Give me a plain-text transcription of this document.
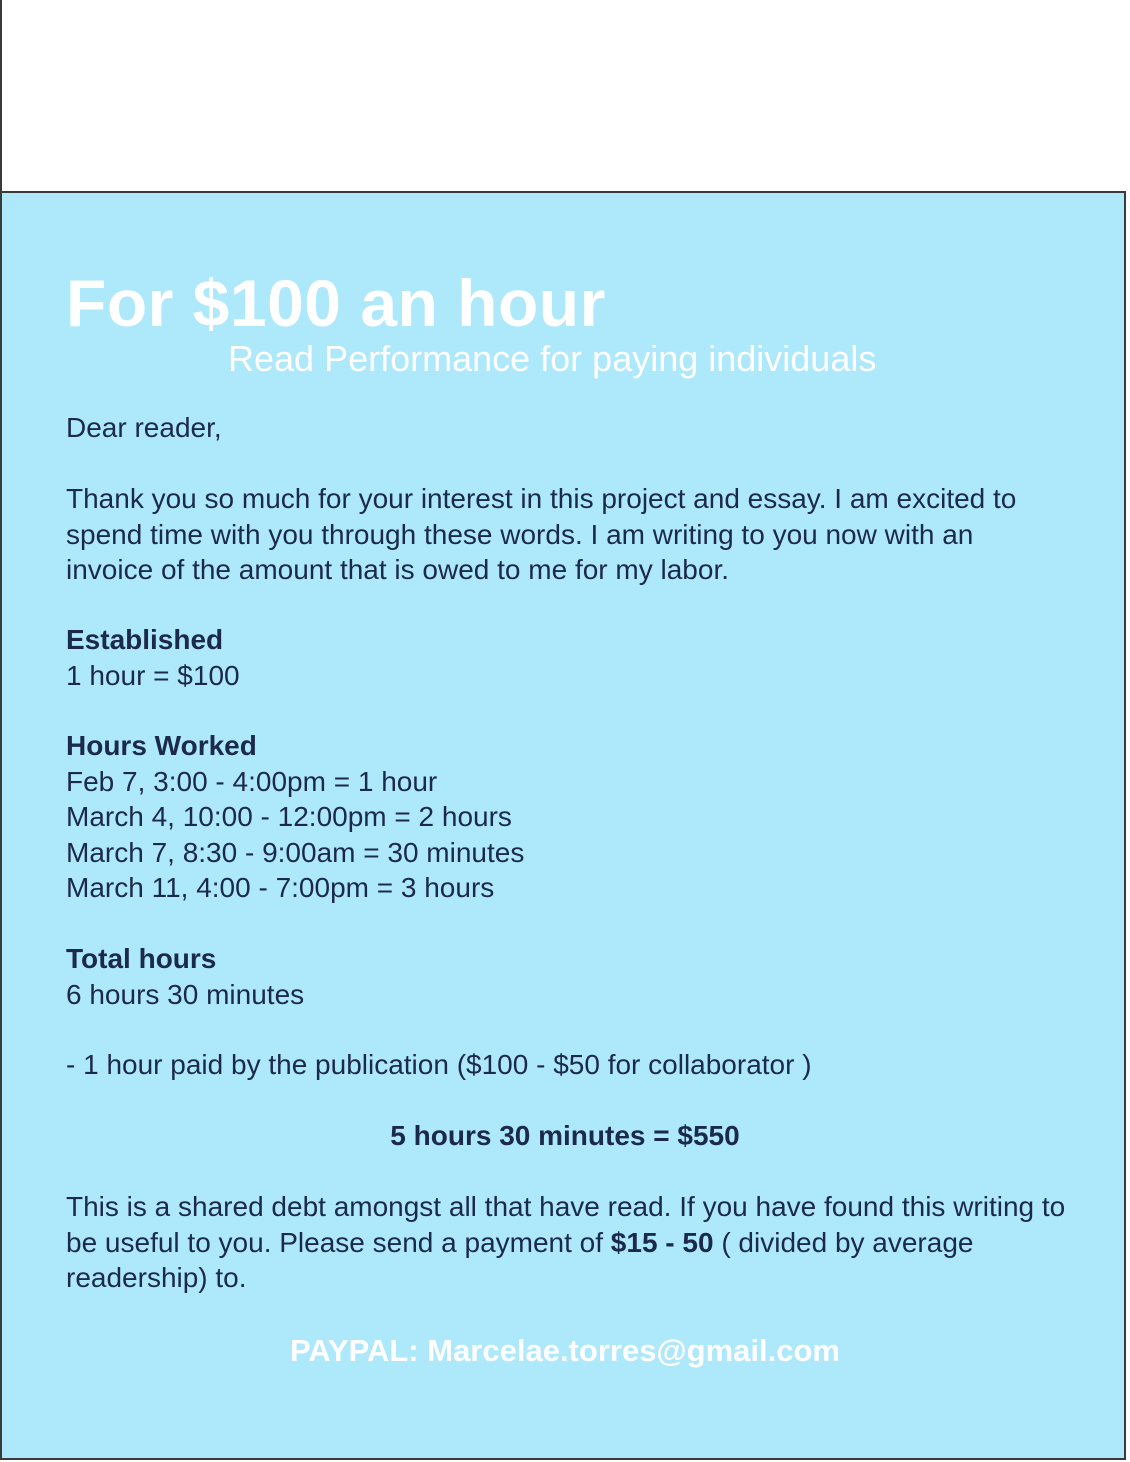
For $100 an hour

Read Performance for paying individuals

Dear reader,

Thank you so much for your interest in this project and essay. I am excited to spend time with you through these words. I am writing to you now with an invoice of the amount that is owed to me for my labor.

Established
1 hour = $100
Hours Worked
Feb 7, 3:00 - 4:00pm = 1 hour
March 4, 10:00 - 12:00pm = 2 hours
March 7, 8:30 - 9:00am = 30 minutes
March 11, 4:00 - 7:00pm = 3 hours
Total hours
6 hours 30 minutes

- 1 hour paid by the publication ($100 - $50 for collaborator )

5 hours 30 minutes = $550

This is a shared debt amongst all that have read. If you have found this writing to be useful to you. Please send a payment of $15 - 50 ( divided by average readership) to.

PAYPAL: Marcelae.torres@gmail.com
